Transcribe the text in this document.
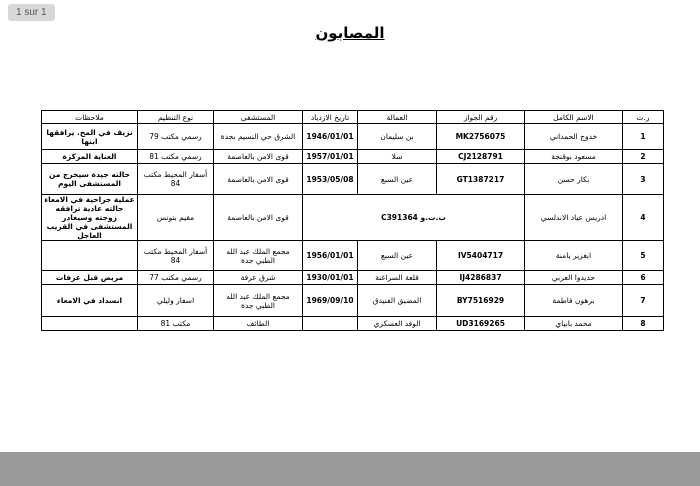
1 sur 1
المصابون
ر.ت	الاسم الكامل	رقم الجواز	العمالة	تاريخ الازدياد	المستشفى	نوع التنظيم	ملاحظات
1	خدوج الحمداني	MK2756075	بن سليمان	1946/01/01	الشرق حي النسيم بجدة	رسمي مكتب 79	نزيف في المخ. يرافقها ابنها
2	مسعود بوقنجة	CJ2128791	سلا	1957/01/01	قوى الامن بالعاصمة	رسمي مكتب 81	العناية المركزة
3	بكار حسن	GT1387217	عين السبع	1953/05/08	قوى الامن بالعاصمة	أسفار المحيط مكتب 84	حالته جيدة سيخرج من المستشفى اليوم
4	ادريس عياد الاندلسي	ب.ت.و C391364			قوى الامن بالعاصمة	مقيم بتونس	عملية جراحية في الامعاء حالته عادية ترافقه زوجته وسيغادر المستشفى في القريب العاجل
5	ابغزير يامنة	IV5404717	عين السبع	1956/01/01	مجمع الملك عبد الله الطبي جدة	أسفار المحيط مكتب 84	
6	حديدوا العربي	IJ4286837	قلعة السراغنة	1930/01/01	شرق عرفة	رسمي مكتب 77	مريض قبل عرفات
7	برهون فاطمة	BY7516929	المضيق الفنيدق	1969/09/10	مجمع الملك عبد الله الطبي جدة	اسفار وليلي	انسداد في الامعاء
8	محمد بابياي	UD3169265	الوفد العسكري		الطائف	مكتب 81	
